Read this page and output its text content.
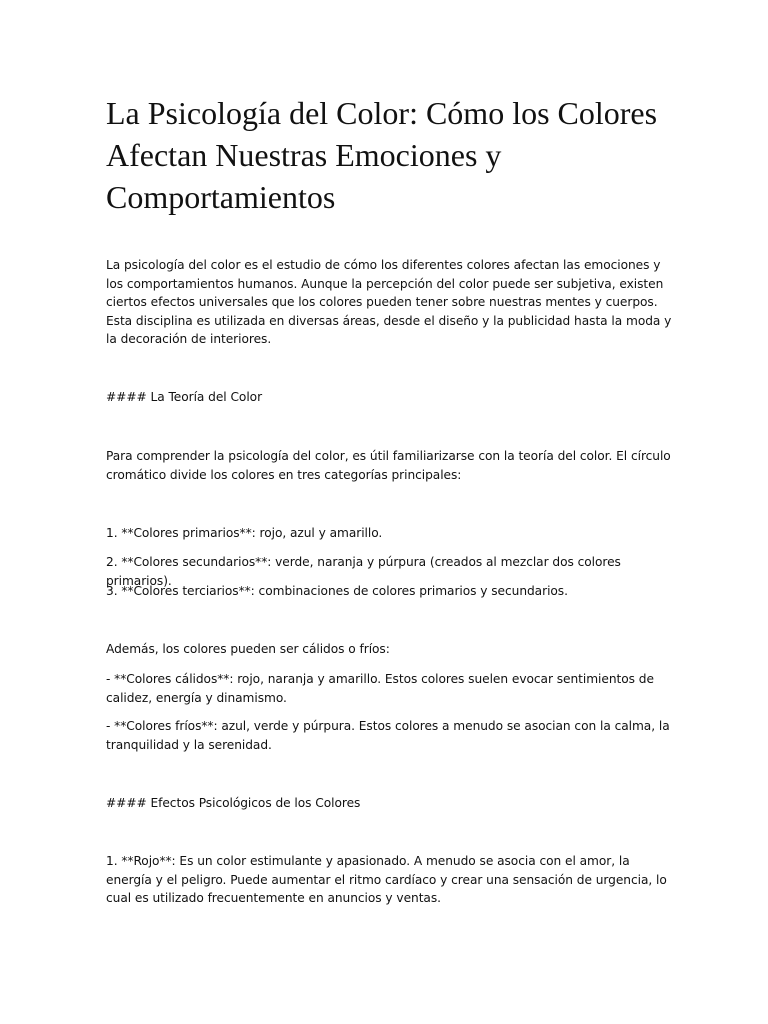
La Psicología del Color: Cómo los Colores Afectan Nuestras Emociones y Comportamientos

La psicología del color es el estudio de cómo los diferentes colores afectan las emociones y los comportamientos humanos. Aunque la percepción del color puede ser subjetiva, existen ciertos efectos universales que los colores pueden tener sobre nuestras mentes y cuerpos. Esta disciplina es utilizada en diversas áreas, desde el diseño y la publicidad hasta la moda y la decoración de interiores.

#### La Teoría del Color

Para comprender la psicología del color, es útil familiarizarse con la teoría del color. El círculo cromático divide los colores en tres categorías principales:

1. **Colores primarios**: rojo, azul y amarillo.

2. **Colores secundarios**: verde, naranja y púrpura (creados al mezclar dos colores primarios).

3. **Colores terciarios**: combinaciones de colores primarios y secundarios.

Además, los colores pueden ser cálidos o fríos:

- **Colores cálidos**: rojo, naranja y amarillo. Estos colores suelen evocar sentimientos de calidez, energía y dinamismo.

- **Colores fríos**: azul, verde y púrpura. Estos colores a menudo se asocian con la calma, la tranquilidad y la serenidad.

#### Efectos Psicológicos de los Colores

1. **Rojo**: Es un color estimulante y apasionado. A menudo se asocia con el amor, la energía y el peligro. Puede aumentar el ritmo cardíaco y crear una sensación de urgencia, lo cual es utilizado frecuentemente en anuncios y ventas.
